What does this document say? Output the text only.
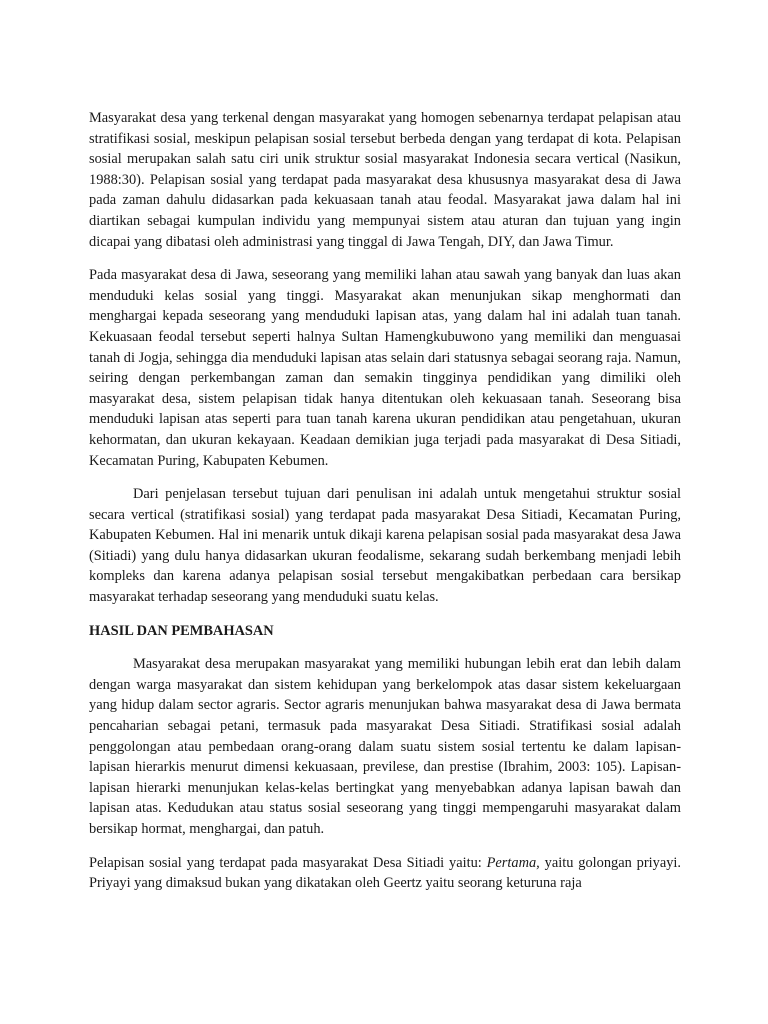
Masyarakat desa yang terkenal dengan masyarakat yang homogen sebenarnya terdapat pelapisan atau stratifikasi sosial, meskipun pelapisan sosial tersebut berbeda dengan yang terdapat di kota. Pelapisan sosial merupakan salah satu ciri unik struktur sosial masyarakat Indonesia secara vertical (Nasikun, 1988:30). Pelapisan sosial yang terdapat pada masyarakat desa khususnya masyarakat desa di Jawa pada zaman dahulu didasarkan pada kekuasaan tanah atau feodal. Masyarakat jawa dalam hal ini diartikan sebagai kumpulan individu yang mempunyai sistem atau aturan dan tujuan yang ingin dicapai yang dibatasi oleh administrasi yang tinggal di Jawa Tengah, DIY, dan Jawa Timur.

Pada masyarakat desa di Jawa, seseorang yang memiliki lahan atau sawah yang banyak dan luas akan menduduki kelas sosial yang tinggi. Masyarakat akan menunjukan sikap menghormati dan menghargai kepada seseorang yang menduduki lapisan atas, yang dalam hal ini adalah tuan tanah. Kekuasaan feodal tersebut seperti halnya Sultan Hamengkubuwono yang memiliki dan menguasai tanah di Jogja, sehingga dia menduduki lapisan atas selain dari statusnya sebagai seorang raja. Namun, seiring dengan perkembangan zaman dan semakin tingginya pendidikan yang dimiliki oleh masyarakat desa, sistem pelapisan tidak hanya ditentukan oleh kekuasaan tanah. Seseorang bisa menduduki lapisan atas seperti para tuan tanah karena ukuran pendidikan atau pengetahuan, ukuran kehormatan, dan ukuran kekayaan. Keadaan demikian juga terjadi pada masyarakat di Desa Sitiadi, Kecamatan Puring, Kabupaten Kebumen.

Dari penjelasan tersebut tujuan dari penulisan ini adalah untuk mengetahui struktur sosial secara vertical (stratifikasi sosial) yang terdapat pada masyarakat Desa Sitiadi, Kecamatan Puring, Kabupaten Kebumen. Hal ini menarik untuk dikaji karena pelapisan sosial pada masyarakat desa Jawa (Sitiadi) yang dulu hanya didasarkan ukuran feodalisme, sekarang sudah berkembang menjadi lebih kompleks dan karena adanya pelapisan sosial tersebut mengakibatkan perbedaan cara bersikap masyarakat terhadap seseorang yang menduduki suatu kelas.

HASIL DAN PEMBAHASAN

Masyarakat desa merupakan masyarakat yang memiliki hubungan lebih erat dan lebih dalam dengan warga masyarakat dan sistem kehidupan yang berkelompok atas dasar sistem kekeluargaan yang hidup dalam sector agraris. Sector agraris menunjukan bahwa masyarakat desa di Jawa bermata pencaharian sebagai petani, termasuk pada masyarakat Desa Sitiadi. Stratifikasi sosial adalah penggolongan atau pembedaan orang-orang dalam suatu sistem sosial tertentu ke dalam lapisan-lapisan hierarkis menurut dimensi kekuasaan, previlese, dan prestise (Ibrahim, 2003: 105). Lapisan-lapisan hierarki menunjukan kelas-kelas bertingkat yang menyebabkan adanya lapisan bawah dan lapisan atas. Kedudukan atau status sosial seseorang yang tinggi mempengaruhi masyarakat dalam bersikap hormat, menghargai, dan patuh.

Pelapisan sosial yang terdapat pada masyarakat Desa Sitiadi yaitu: Pertama, yaitu golongan priyayi. Priyayi yang dimaksud bukan yang dikatakan oleh Geertz yaitu seorang keturuna raja
